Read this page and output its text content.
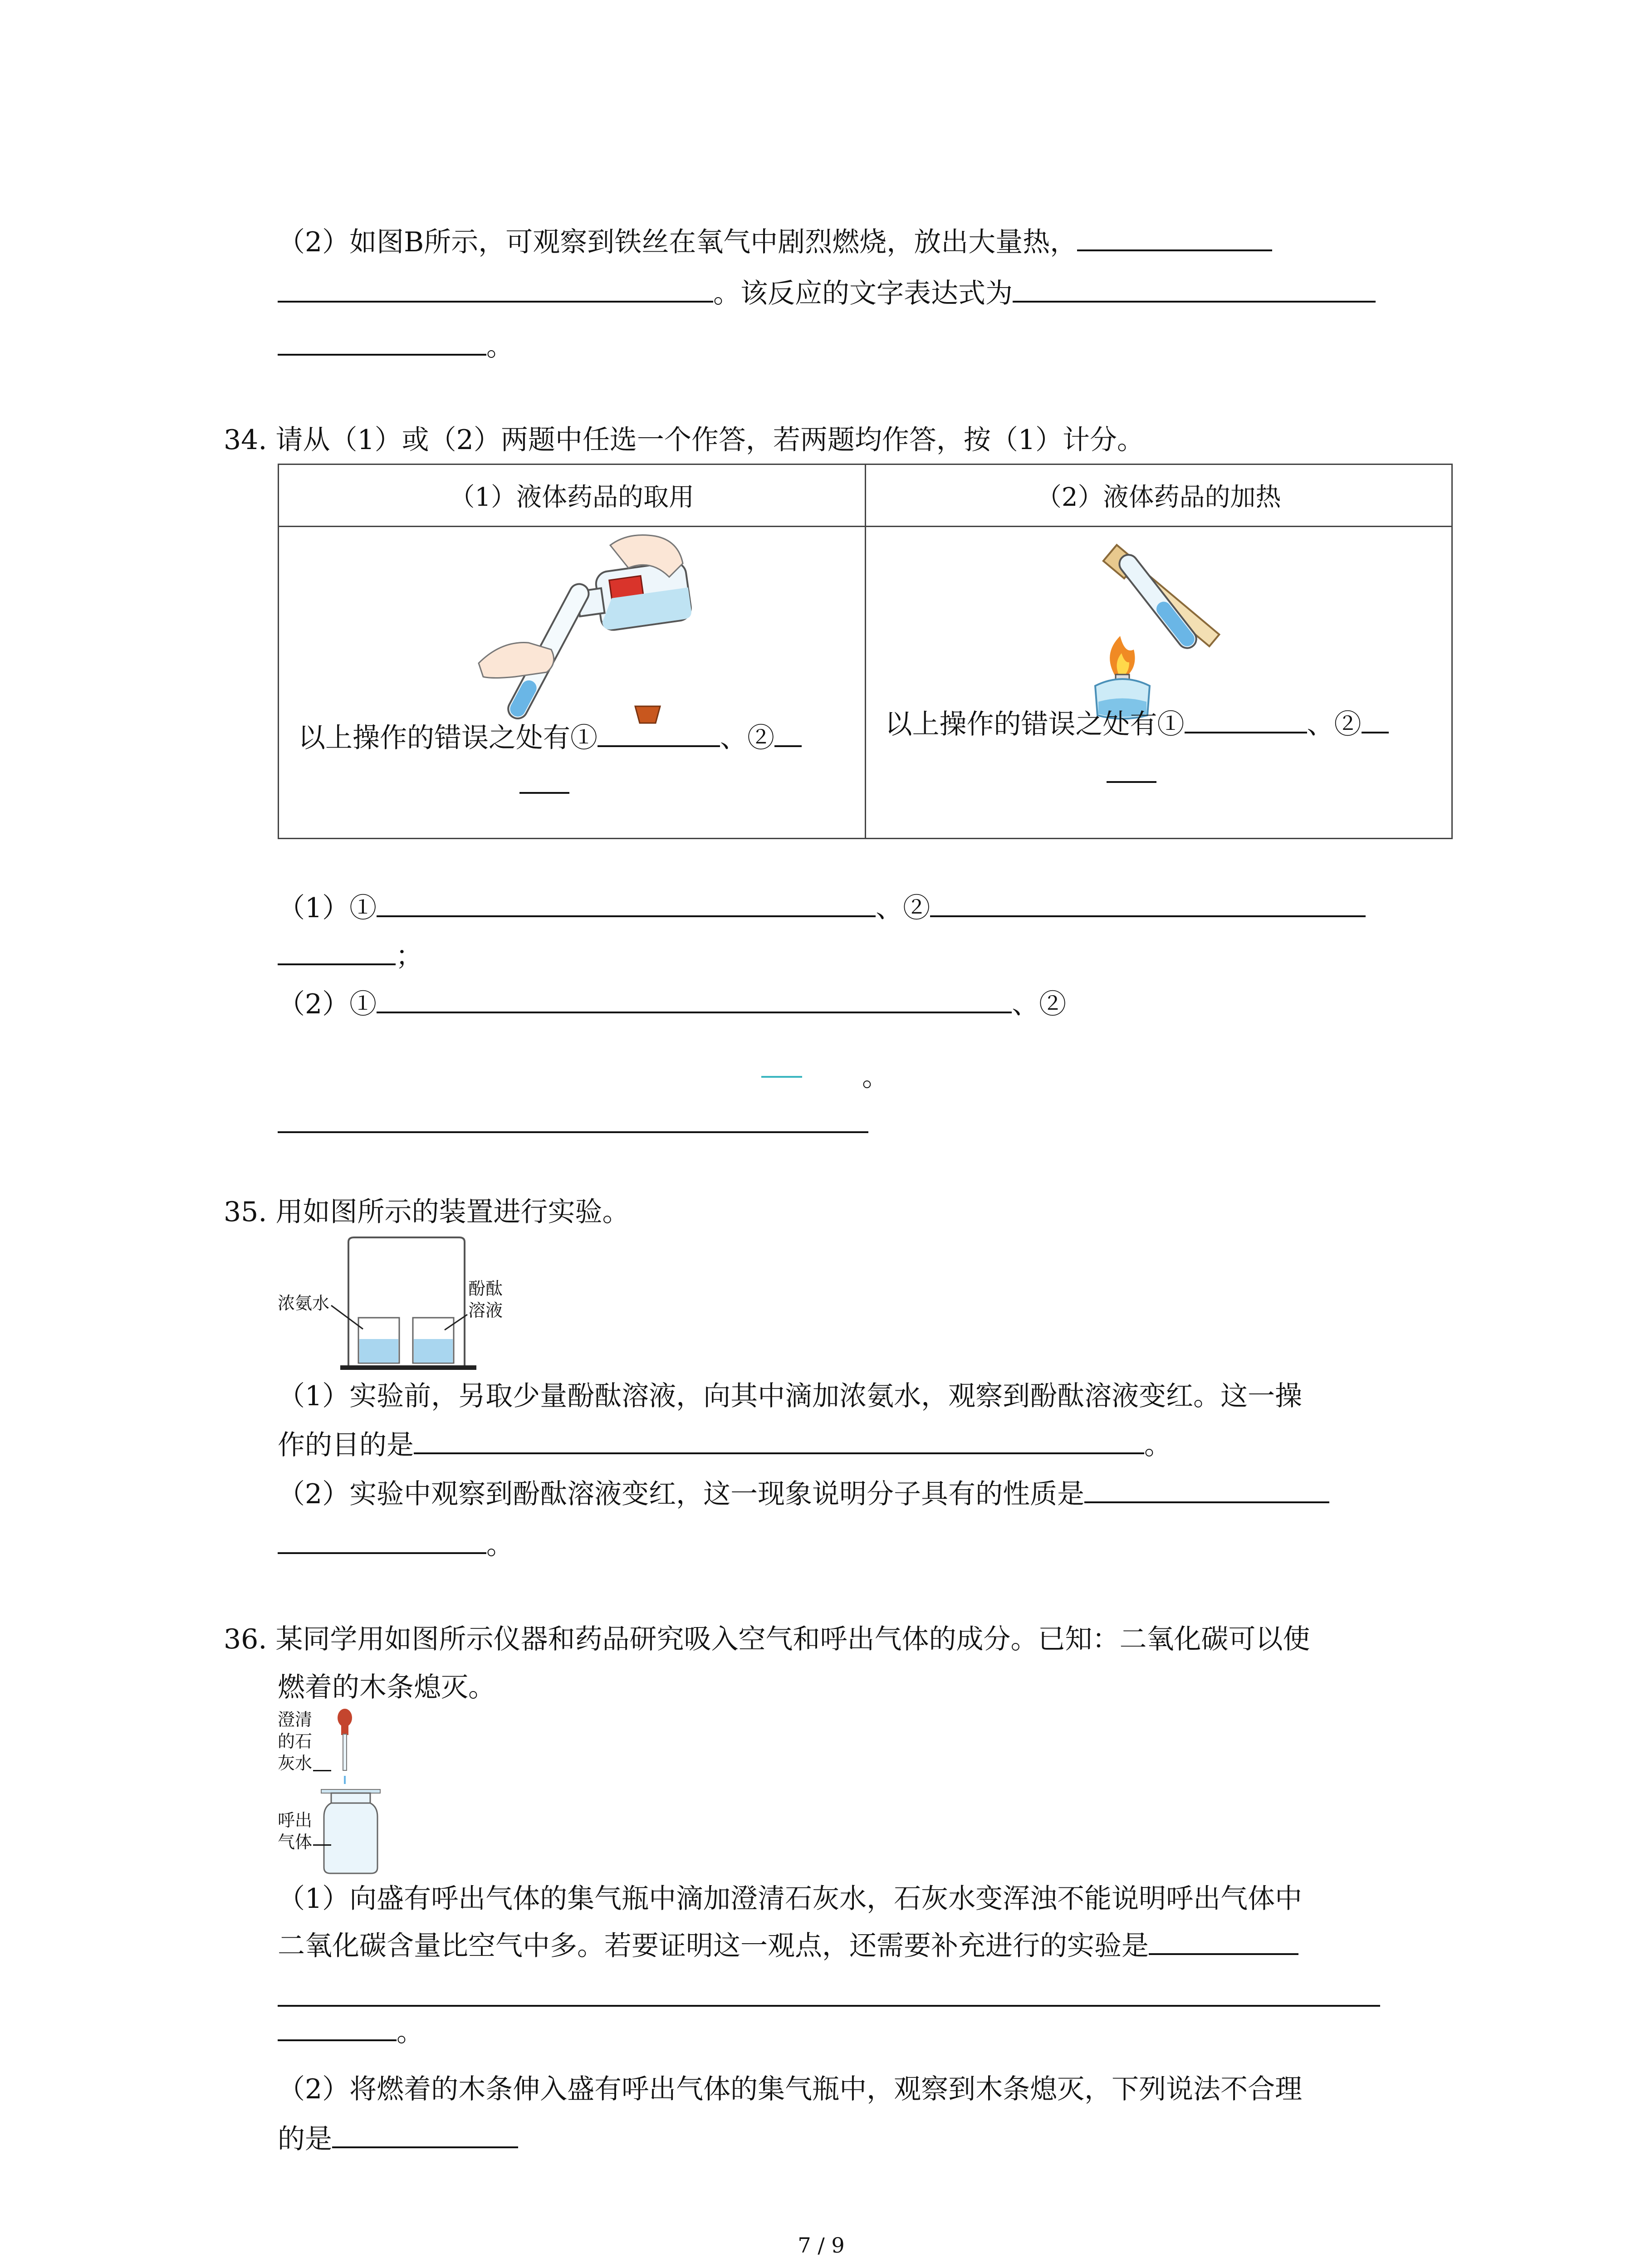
（2）如图B所示，可观察到铁丝在氧气中剧烈燃烧，放出大量热，
。该反应的文字表达式为
。
34. 请从（1）或（2）两题中任选一个作答，若两题均作答，按（1）计分。
（1）液体药品的取用	（2）液体药品的加热

以上操作的错误之处有① 、②	以上操作的错误之处有① 、②
（1）①	、②
；
（2）①	、②
。
35. 用如图所示的装置进行实验。
浓氨水
酚酞
溶液
（1）实验前，另取少量酚酞溶液，向其中滴加浓氨水，观察到酚酞溶液变红。这一操
作的目的是	。
（2）实验中观察到酚酞溶液变红，这一现象说明分子具有的性质是
。
36. 某同学用如图所示仪器和药品研究吸入空气和呼出气体的成分。已知：二氧化碳可以使
燃着的木条熄灭。
澄清
的石
灰水
呼出
气体
（1）向盛有呼出气体的集气瓶中滴加澄清石灰水，石灰水变浑浊不能说明呼出气体中
二氧化碳含量比空气中多。若要证明这一观点，还需要补充进行的实验是
。
（2）将燃着的木条伸入盛有呼出气体的集气瓶中，观察到木条熄灭，下列说法不合理
的是
7 / 9
